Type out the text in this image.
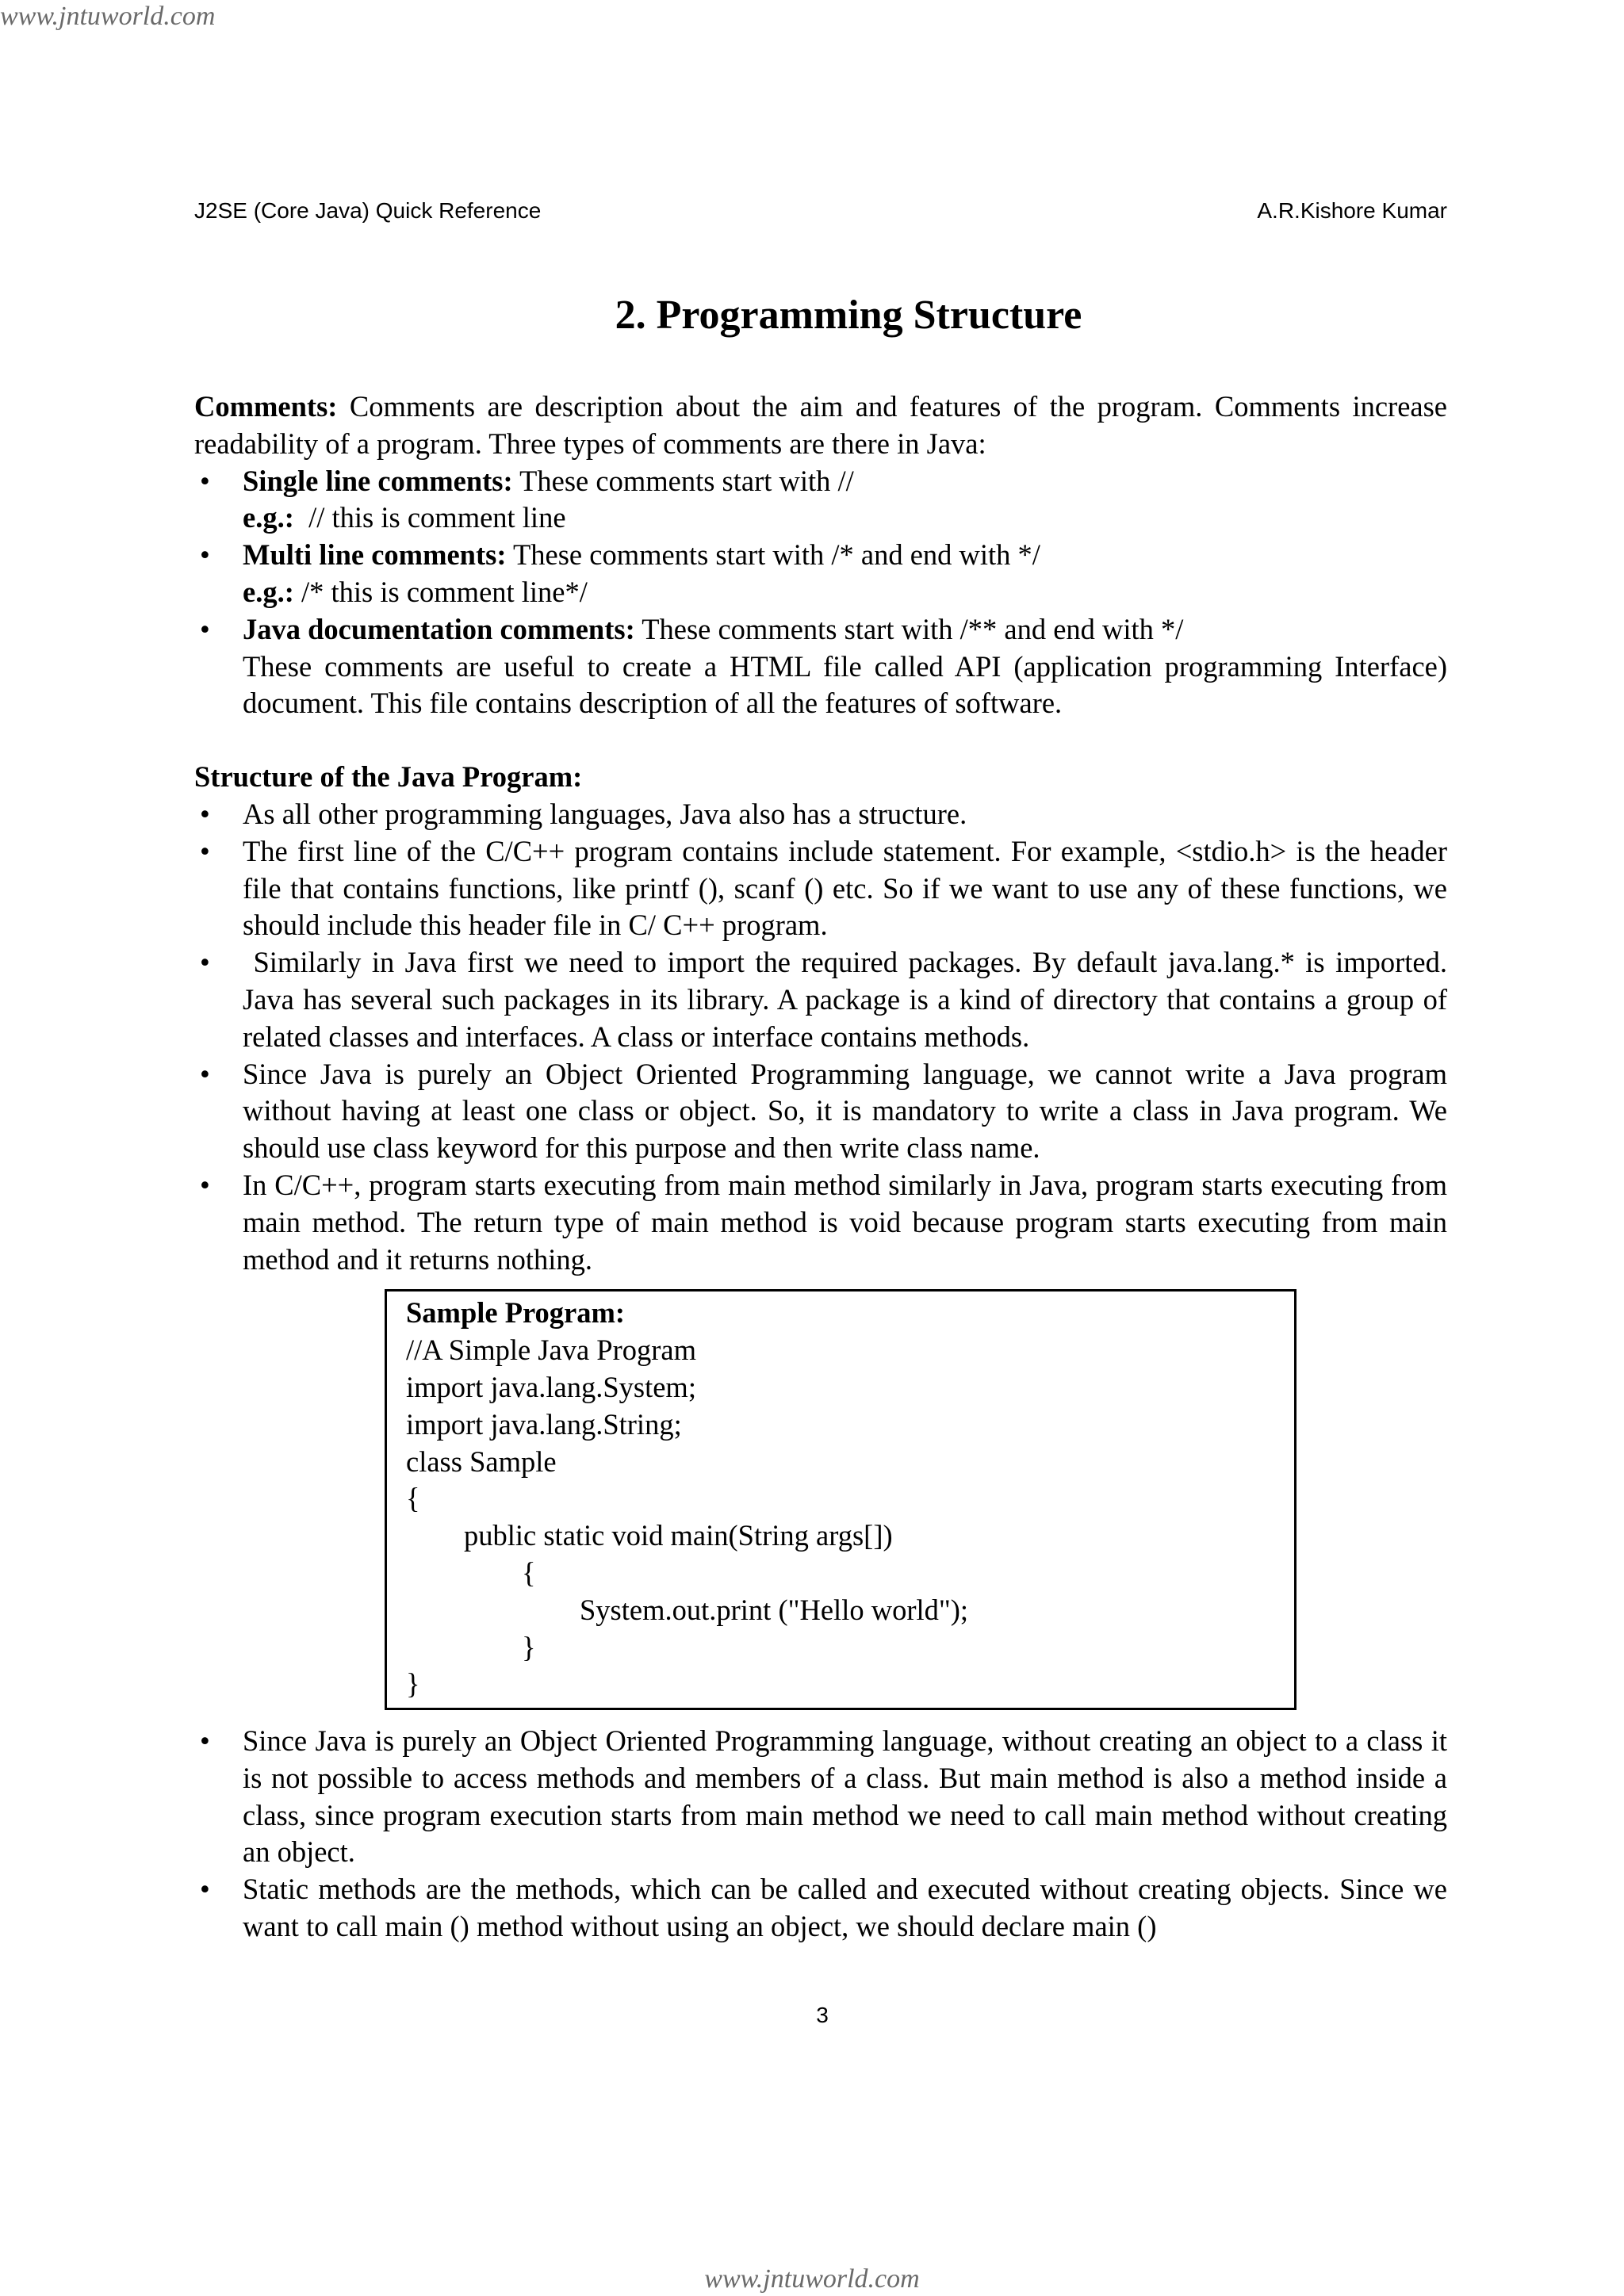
www.jntuworld.com
J2SE (Core Java) Quick Reference	A.R.Kishore Kumar
2. Programming Structure

Comments: Comments are description about the aim and features of the program. Comments increase readability of a program. Three types of comments are there in Java:

• Single line comments: These comments start with //
e.g.:  // this is comment line
• Multi line comments: These comments start with /* and end with */
e.g.: /* this is comment line*/
• Java documentation comments: These comments start with /** and end with */
These comments are useful to create a HTML file called API (application programming Interface) document. This file contains description of all the features of software.

Structure of the Java Program:

• As all other programming languages, Java also has a structure.
• The first line of the C/C++ program contains include statement. For example, <stdio.h> is the header file that contains functions, like printf (), scanf () etc. So if we want to use any of these functions, we should include this header file in C/ C++ program.
•  Similarly in Java first we need to import the required packages. By default java.lang.* is imported. Java has several such packages in its library. A package is a kind of directory that contains a group of related classes and interfaces. A class or interface contains methods.
• Since Java is purely an Object Oriented Programming language, we cannot write a Java program without having at least one class or object. So, it is mandatory to write a class in Java program. We should use class keyword for this purpose and then write class name.
• In C/C++, program starts executing from main method similarly in Java, program starts executing from main method. The return type of main method is void because program starts executing from main method and it returns nothing.
Sample Program:
//A Simple Java Program
import java.lang.System;
import java.lang.String;
class Sample
{
public static void main(String args[])
{
System.out.print ("Hello world");
}
}
• Since Java is purely an Object Oriented Programming language, without creating an object to a class it is not possible to access methods and members of a class. But main method is also a method inside a class, since program execution starts from main method we need to call main method without creating an object.
• Static methods are the methods, which can be called and executed without creating objects. Since we want to call main () method without using an object, we should declare main ()
3
www.jntuworld.com
